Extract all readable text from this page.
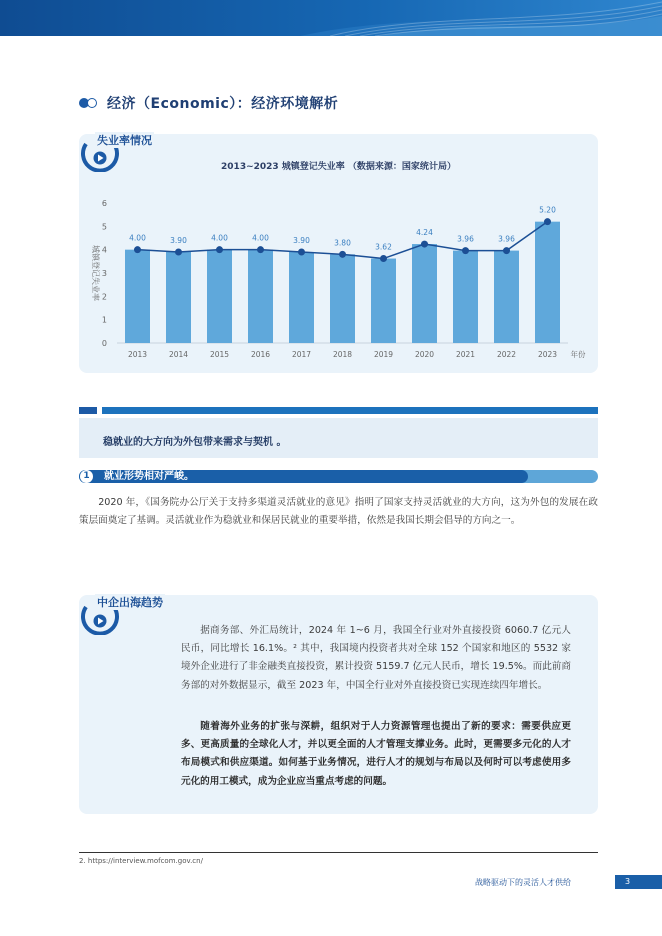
经济（Economic）：经济环境解析
失业率情况
2013~2023 城镇登记失业率 （数据来源：国家统计局）
0
1
2
3
4
5
6
城镇登记失业率
2013	2014	2015	2016	2017	2018	2019	2020	2021	2022	2023
4.00	3.90	4.00	4.00	3.90	3.80	3.62
4.24
3.96	3.96
5.20
年份
稳就业的大方向为外包带来需求与契机 。
1	就业形势相对严峻。
2020 年，《国务院办公厅关于支持多渠道灵活就业的意见》指明了国家支持灵活就业的大方向，这为外包的发展在政策层面奠定了基调。灵活就业作为稳就业和保居民就业的重要举措，依然是我国长期会倡导的方向之一。
中企出海趋势
据商务部、外汇局统计，2024 年 1~6 月，我国全行业对外直接投资 6060.7 亿元人民币，同比增长 16.1%。² 其中，我国境内投资者共对全球 152 个国家和地区的 5532 家境外企业进行了非金融类直接投资，累计投资 5159.7 亿元人民币，增长 19.5%。而此前商务部的对外数据显示，截至 2023 年，中国全行业对外直接投资已实现连续四年增长。
随着海外业务的扩张与深耕，组织对于人力资源管理也提出了新的要求：需要供应更多、更高质量的全球化人才，并以更全面的人才管理支撑业务。此时，更需要多元化的人才布局模式和供应渠道。如何基于业务情况，进行人才的规划与布局以及何时可以考虑使用多元化的用工模式，成为企业应当重点考虑的问题。
2. https://interview.mofcom.gov.cn/
战略驱动下的灵活人才供给	3
